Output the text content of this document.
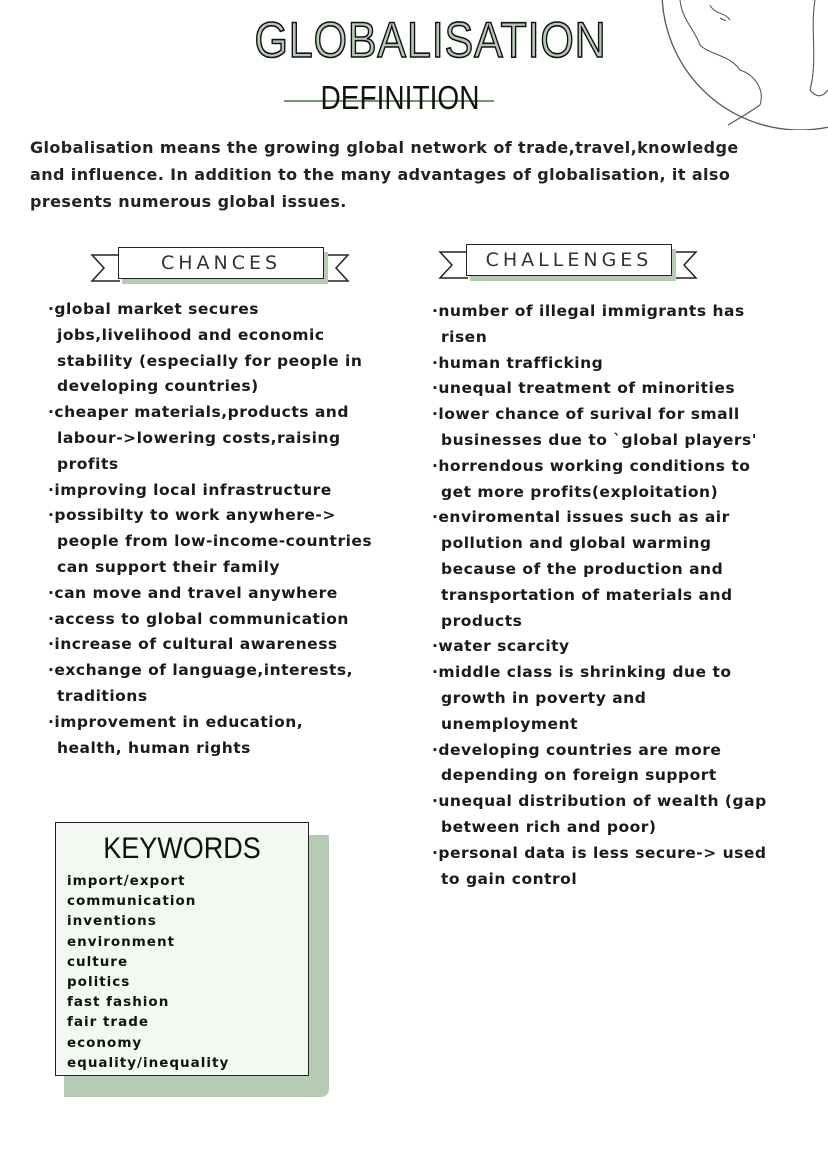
GLOBALISATION
DEFINITION
Globalisation means the growing global network of trade,travel,knowledge
and influence. In addition to the many advantages of globalisation, it also
presents numerous global issues.
CHANCES	CHALLENGES
·global market secures
jobs,livelihood and economic
stability (especially for people in
developing countries)
·cheaper materials,products and
labour->lowering costs,raising
profits
·improving local infrastructure
·possibilty to work anywhere->
people from low-income-countries
can support their family
·can move and travel anywhere
·access to global communication
·increase of cultural awareness
·exchange of language,interests,
traditions
·improvement in education,
health, human rights
·number of illegal immigrants has
risen
·human trafficking
·unequal treatment of minorities
·lower chance of surival for small
businesses due to `global players'
·horrendous working conditions to
get more profits(exploitation)
·enviromental issues such as air
pollution and global warming
because of the production and
transportation of materials and
products
·water scarcity
·middle class is shrinking due to
growth in poverty and
unemployment
·developing countries are more
depending on foreign support
·unequal distribution of wealth (gap
between rich and poor)
·personal data is less secure-> used
to gain control
KEYWORDS
import/export
communication
inventions
environment
culture
politics
fast fashion
fair trade
economy
equality/inequality
